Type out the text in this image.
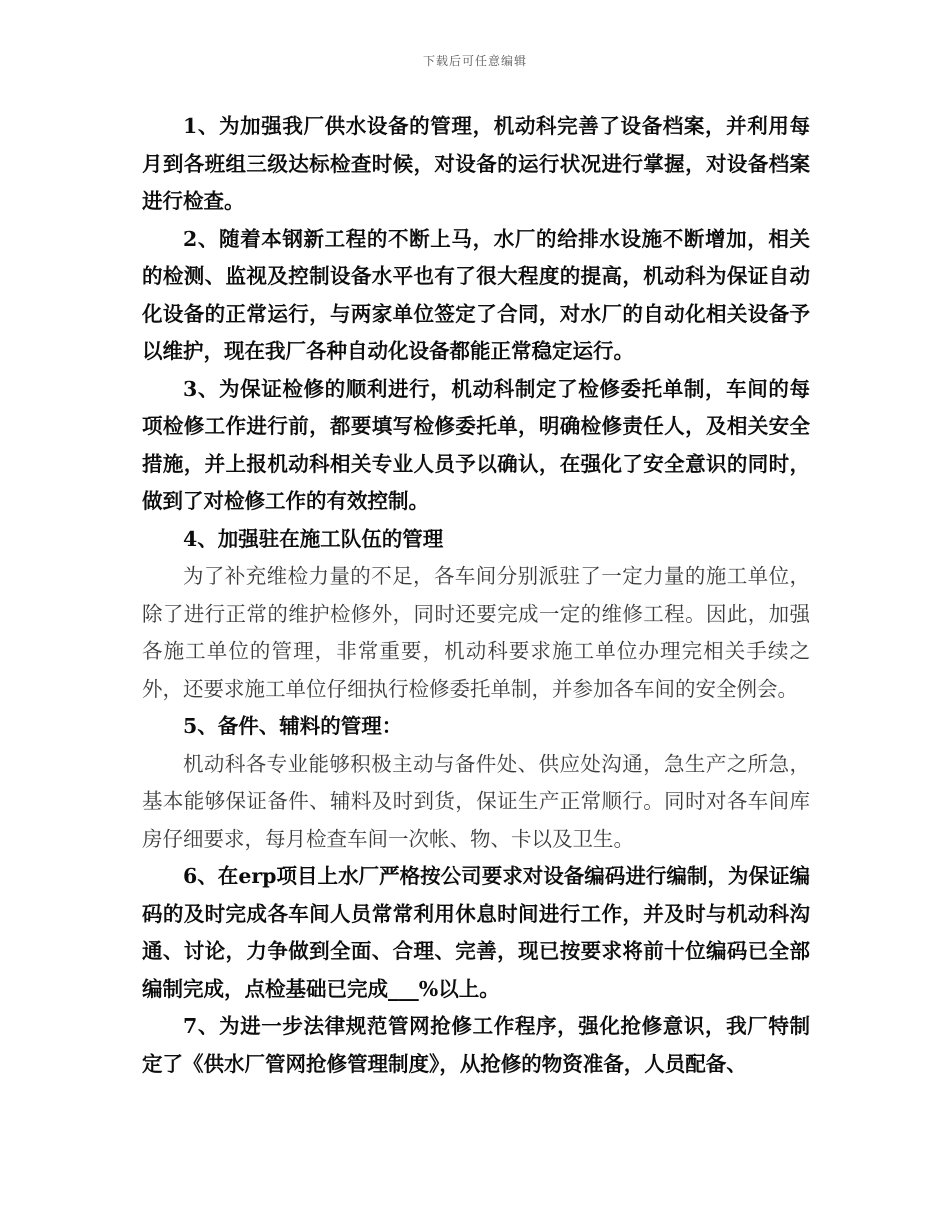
下载后可任意编辑

1、为加强我厂供水设备的管理，机动科完善了设备档案，并利用每月到各班组三级达标检查时候，对设备的运行状况进行掌握，对设备档案进行检查。

2、随着本钢新工程的不断上马，水厂的给排水设施不断增加，相关的检测、监视及控制设备水平也有了很大程度的提高，机动科为保证自动化设备的正常运行，与两家单位签定了合同，对水厂的自动化相关设备予以维护，现在我厂各种自动化设备都能正常稳定运行。

3、为保证检修的顺利进行，机动科制定了检修委托单制，车间的每项检修工作进行前，都要填写检修委托单，明确检修责任人，及相关安全措施，并上报机动科相关专业人员予以确认，在强化了安全意识的同时，做到了对检修工作的有效控制。

4、加强驻在施工队伍的管理

为了补充维检力量的不足，各车间分别派驻了一定力量的施工单位，除了进行正常的维护检修外，同时还要完成一定的维修工程。因此，加强各施工单位的管理，非常重要，机动科要求施工单位办理完相关手续之外，还要求施工单位仔细执行检修委托单制，并参加各车间的安全例会。

5、备件、辅料的管理：

机动科各专业能够积极主动与备件处、供应处沟通，急生产之所急，基本能够保证备件、辅料及时到货，保证生产正常顺行。同时对各车间库房仔细要求，每月检查车间一次帐、物、卡以及卫生。

6、在erp项目上水厂严格按公司要求对设备编码进行编制，为保证编码的及时完成各车间人员常常利用休息时间进行工作，并及时与机动科沟通、讨论，力争做到全面、合理、完善，现已按要求将前十位编码已全部编制完成，点检基础已完成___%以上。

7、为进一步法律规范管网抢修工作程序，强化抢修意识，我厂特制定了《供水厂管网抢修管理制度》，从抢修的物资准备，人员配备、
